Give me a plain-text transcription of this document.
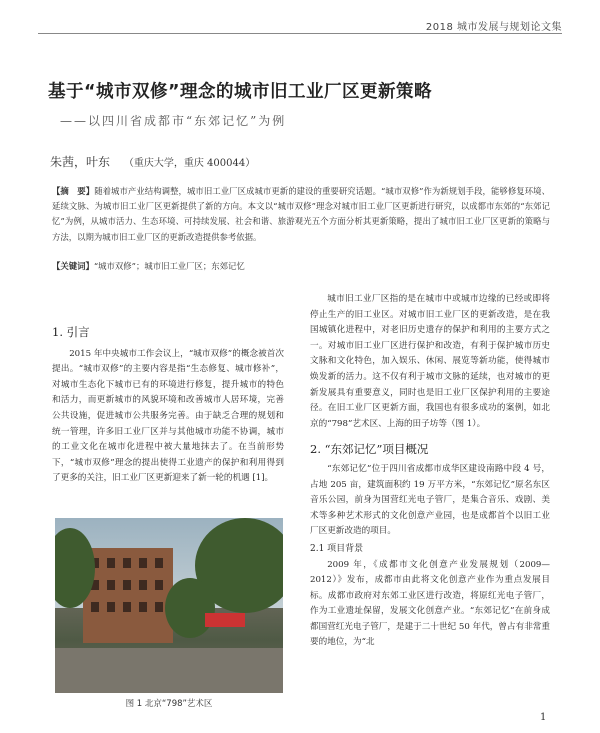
2018 城市发展与规划论文集
基于“城市双修”理念的城市旧工业厂区更新策略
——以四川省成都市“东郊记忆”为例
朱茜，叶东 （重庆大学，重庆 400044）
【摘　要】随着城市产业结构调整，城市旧工业厂区成城市更新的建设的重要研究话题。“城市双修”作为新规划手段，能够修复环境、延续文脉、为城市旧工业厂区更新提供了新的方向。本文以“城市双修”理念对城市旧工业厂区更新进行研究，以成都市东郊的“东郊记忆”为例，从城市活力、生态环境、可持续发展、社会和谐、旅游观光五个方面分析其更新策略，提出了城市旧工业厂区更新的策略与方法，以期为城市旧工业厂区的更新改造提供参考依据。
【关键词】“城市双修”；城市旧工业厂区；东郊记忆
1. 引言

2015 年中央城市工作会议上，“城市双修”的概念被首次提出。“城市双修”的主要内容是指“生态修复、城市修补”，对城市生态化下城市已有的环境进行修复，提升城市的特色和活力，而更新城市的风貌环境和改善城市人居环境，完善公共设施，促进城市公共服务完善。由于缺乏合理的规划和统一管理，许多旧工业厂区并与其他城市功能不协调，城市的工业文化在城市化进程中被大量地抹去了。在当前形势下，“城市双修”理念的提出使得工业遗产的保护和利用得到了更多的关注，旧工业厂区更新迎来了新一轮的机遇 [1]。

图 1 北京“798”艺术区

城市旧工业厂区指的是在城市中或城市边缘的已经或即将停止生产的旧工业区。对城市旧工业厂区的更新改造，是在我国城镇化进程中，对老旧历史遗存的保护和利用的主要方式之一。对城市旧工业厂区进行保护和改造，有利于保护城市历史文脉和文化特色，加入娱乐、休闲、展览等新功能，使得城市焕发新的活力。这不仅有利于城市文脉的延续，也对城市的更新发展具有重要意义，同时也是旧工业厂区保护利用的主要途径。在旧工业厂区更新方面，我国也有很多成功的案例，如北京的“798”艺术区、上海的田子坊等（图 1）。

2. “东郊记忆”项目概况

“东郊记忆”位于四川省成都市成华区建设南路中段 4 号，占地 205 亩，建筑面积约 19 万平方米，“东郊记忆”原名东区音乐公园，前身为国营红光电子管厂，是集合音乐、戏剧、美术等多种艺术形式的文化创意产业园，也是成都首个以旧工业厂区更新改造的项目。

2.1 项目背景

2009 年，《成都市文化创意产业发展规划（2009—2012）》发布，成都市由此将文化创意产业作为重点发展目标。成都市政府对东郊工业区进行改造，将原红光电子管厂，作为工业遗址保留，发展文化创意产业。“东郊记忆”在前身成都国营红光电子管厂，是建于二十世纪 50 年代，曾占有非常重要的地位，为“北

1
